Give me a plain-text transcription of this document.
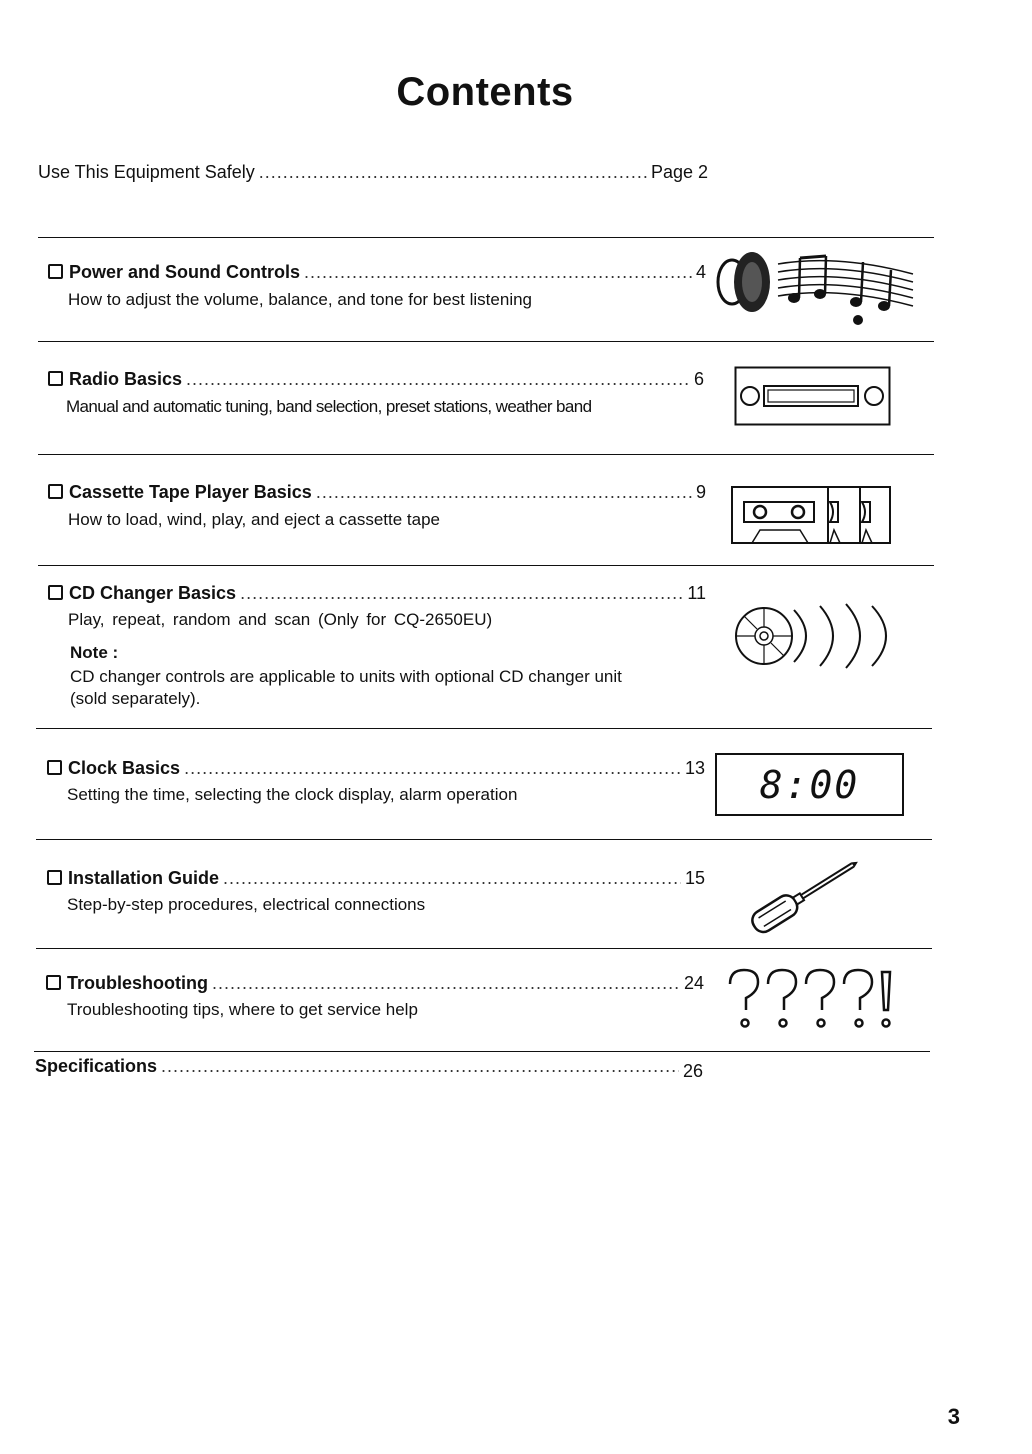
Contents
Use This Equipment Safely .....	Page 2
Power and Sound Controls .....	4
How to adjust the volume, balance, and tone for best listening
Radio Basics .....	6
Manual and automatic tuning, band selection, preset stations, weather band
Cassette Tape Player Basics .....	9
How to load, wind, play, and eject a cassette tape
CD Changer Basics .....	11
Play, repeat, random and scan (Only for CQ-2650EU)
Note :
CD changer controls are applicable to units with optional CD changer unit
(sold separately).
Clock Basics .....	13
Setting the time, selecting the clock display, alarm operation	8:00
Installation Guide .....	15
Step-by-step procedures, electrical connections
Troubleshooting .....	24
Troubleshooting tips, where to get service help
Specifications .....	26
3
